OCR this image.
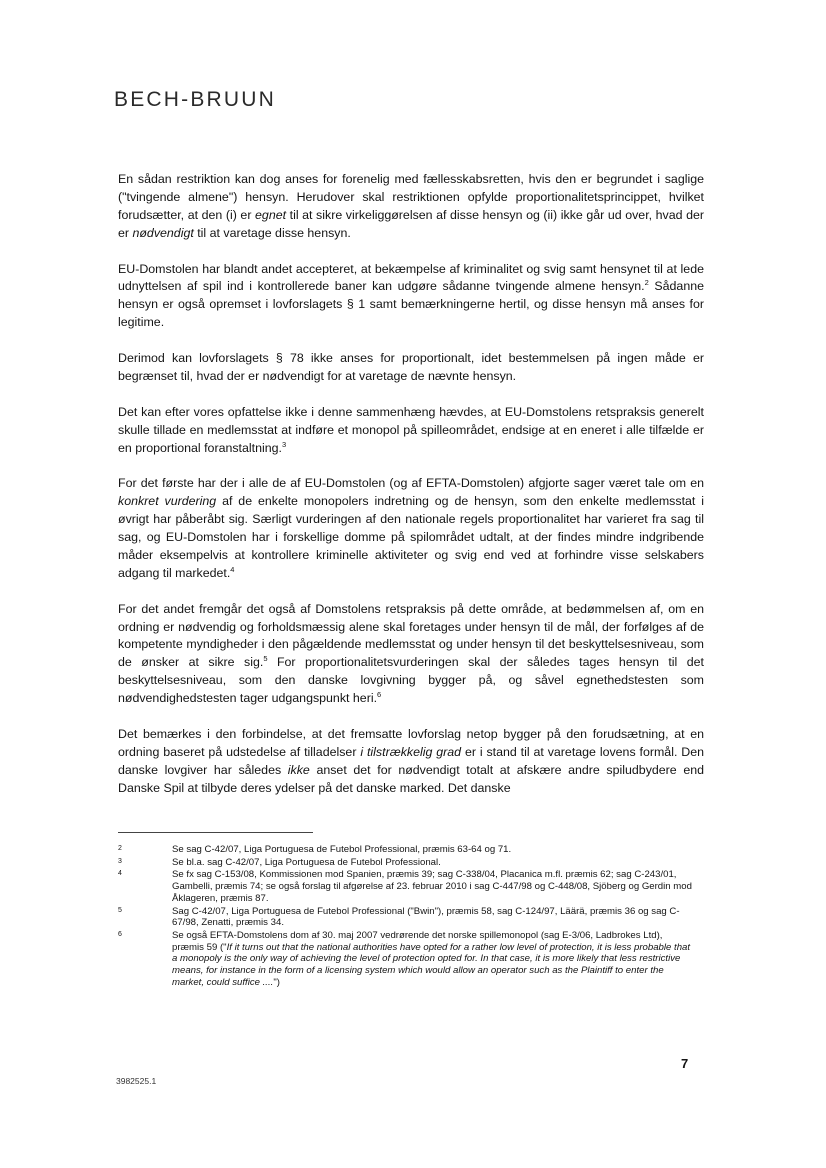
BECH-BRUUN

En sådan restriktion kan dog anses for forenelig med fællesskabsretten, hvis den er begrundet i saglige ("tvingende almene") hensyn. Herudover skal restriktionen opfylde proportionalitetsprincippet, hvilket forudsætter, at den (i) er egnet til at sikre virkeliggørelsen af disse hensyn og (ii) ikke går ud over, hvad der er nødvendigt til at varetage disse hensyn.

EU-Domstolen har blandt andet accepteret, at bekæmpelse af kriminalitet og svig samt hensynet til at lede udnyttelsen af spil ind i kontrollerede baner kan udgøre sådanne tvingende almene hensyn.$^2$ Sådanne hensyn er også opremset i lovforslagets § 1 samt bemærkningerne hertil, og disse hensyn må anses for legitime.

Derimod kan lovforslagets § 78 ikke anses for proportionalt, idet bestemmelsen på ingen måde er begrænset til, hvad der er nødvendigt for at varetage de nævnte hensyn.

Det kan efter vores opfattelse ikke i denne sammenhæng hævdes, at EU-Domstolens retspraksis generelt skulle tillade en medlemsstat at indføre et monopol på spilleområdet, endsige at en eneret i alle tilfælde er en proportional foranstaltning.$^3$

For det første har der i alle de af EU-Domstolen (og af EFTA-Domstolen) afgjorte sager været tale om en konkret vurdering af de enkelte monopolers indretning og de hensyn, som den enkelte medlemsstat i øvrigt har påberåbt sig. Særligt vurderingen af den nationale regels proportionalitet har varieret fra sag til sag, og EU-Domstolen har i forskellige domme på spilområdet udtalt, at der findes mindre indgribende måder eksempelvis at kontrollere kriminelle aktiviteter og svig end ved at forhindre visse selskabers adgang til markedet.$^4$

For det andet fremgår det også af Domstolens retspraksis på dette område, at bedømmelsen af, om en ordning er nødvendig og forholdsmæssig alene skal foretages under hensyn til de mål, der forfølges af de kompetente myndigheder i den pågældende medlemsstat og under hensyn til det beskyttelsesniveau, som de ønsker at sikre sig.$^5$ For proportionalitetsvurderingen skal der således tages hensyn til det beskyttelsesniveau, som den danske lovgivning bygger på, og såvel egnethedstesten som nødvendighedstesten tager udgangspunkt heri.$^6$

Det bemærkes i den forbindelse, at det fremsatte lovforslag netop bygger på den forudsætning, at en ordning baseret på udstedelse af tilladelser i tilstrækkelig grad er i stand til at varetage lovens formål. Den danske lovgiver har således ikke anset det for nødvendigt totalt at afskære andre spiludbydere end Danske Spil at tilbyde deres ydelser på det danske marked. Det danske

2	Se sag C-42/07, Liga Portuguesa de Futebol Professional, præmis 63-64 og 71.
3	Se bl.a. sag C-42/07, Liga Portuguesa de Futebol Professional.
4	Se fx sag C-153/08, Kommissionen mod Spanien, præmis 39; sag C-338/04, Placanica m.fl. præmis 62; sag C-243/01, Gambelli, præmis 74; se også forslag til afgørelse af 23. februar 2010 i sag C-447/98 og C-448/08, Sjöberg og Gerdin mod Åklageren, præmis 87.
5	Sag C-42/07, Liga Portuguesa de Futebol Professional ("Bwin"), præmis 58, sag C-124/97, Läärä, præmis 36 og sag C-67/98, Zenatti, præmis 34.
6	Se også EFTA-Domstolens dom af 30. maj 2007 vedrørende det norske spillemonopol (sag E-3/06, Ladbrokes Ltd), præmis 59 ("If it turns out that the national authorities have opted for a rather low level of protection, it is less probable that a monopoly is the only way of achieving the level of protection opted for. In that case, it is more likely that less restrictive means, for instance in the form of a licensing system which would allow an operator such as the Plaintiff to enter the market, could suffice ....")
7
3982525.1
